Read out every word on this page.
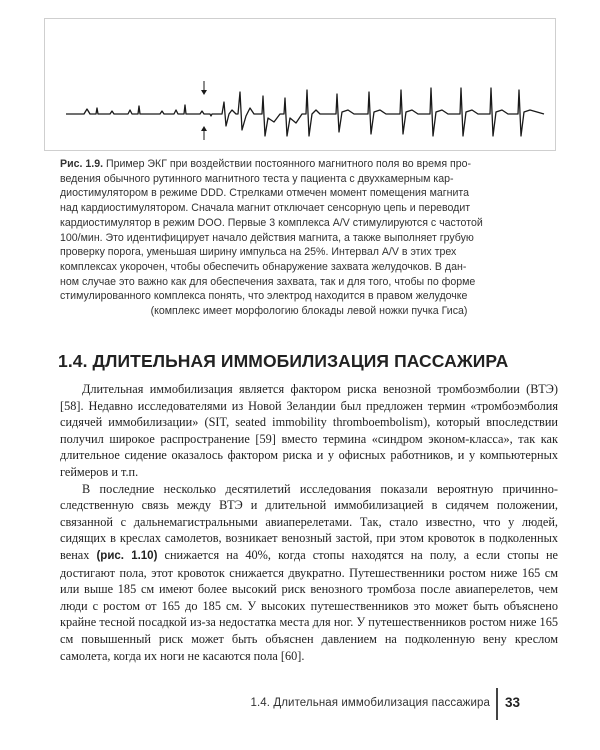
Рис. 1.9. Пример ЭКГ при воздействии постоянного магнитного поля во время про-
ведения обычного рутинного магнитного теста у пациента с двухкамерным кар-
диостимулятором в режиме DDD. Стрелками отмечен момент помещения магнита
над кардиостимулятором. Сначала магнит отключает сенсорную цепь и переводит
кардиостимулятор в режим DOO. Первые 3 комплекса A/V стимулируются с частотой
100/мин. Это идентифицирует начало действия магнита, а также выполняет грубую
проверку порога, уменьшая ширину импульса на 25%. Интервал A/V в этих трех
комплексах укорочен, чтобы обеспечить обнаружение захвата желудочков. В дан-
ном случае это важно как для обеспечения захвата, так и для того, чтобы по форме
стимулированного комплекса понять, что электрод находится в правом желудочке
(комплекс имеет морфологию блокады левой ножки пучка Гиса)

1.4. ДЛИТЕЛЬНАЯ ИММОБИЛИЗАЦИЯ ПАССАЖИРА

Длительная иммобилизация является фактором риска венозной тромбоэмболии (ВТЭ) [58]. Недавно исследователями из Новой Зеландии был предложен термин «тромбоэмболия сидячей иммобилизации» (SIT, seated immobility thromboembolism), который впоследствии получил широкое распространение [59] вместо термина «синдром эконом-класса», так как длительное сидение оказалось фактором риска и у офисных работников, и у компьютерных геймеров и т.п.

В последние несколько десятилетий исследования показали вероятную причинно-следственную связь между ВТЭ и длительной иммобилизацией в сидячем положении, связанной с дальнемагистральными авиаперелетами. Так, стало известно, что у людей, сидящих в креслах самолетов, возникает венозный застой, при этом кровоток в подколенных венах (рис. 1.10) снижается на 40%, когда стопы находятся на полу, а если стопы не достигают пола, этот кровоток снижается двукратно. Путешественники ростом ниже 165 см или выше 185 см имеют более высокий риск венозного тромбоза после авиаперелетов, чем люди с ростом от 165 до 185 см. У высоких путешественников это может быть объяснено крайне тесной посадкой из-за недостатка места для ног. У путешественников ростом ниже 165 см повышенный риск может быть объяснен давлением на подколенную вену креслом самолета, когда их ноги не касаются пола [60].

1.4. Длительная иммобилизация пассажира 33
